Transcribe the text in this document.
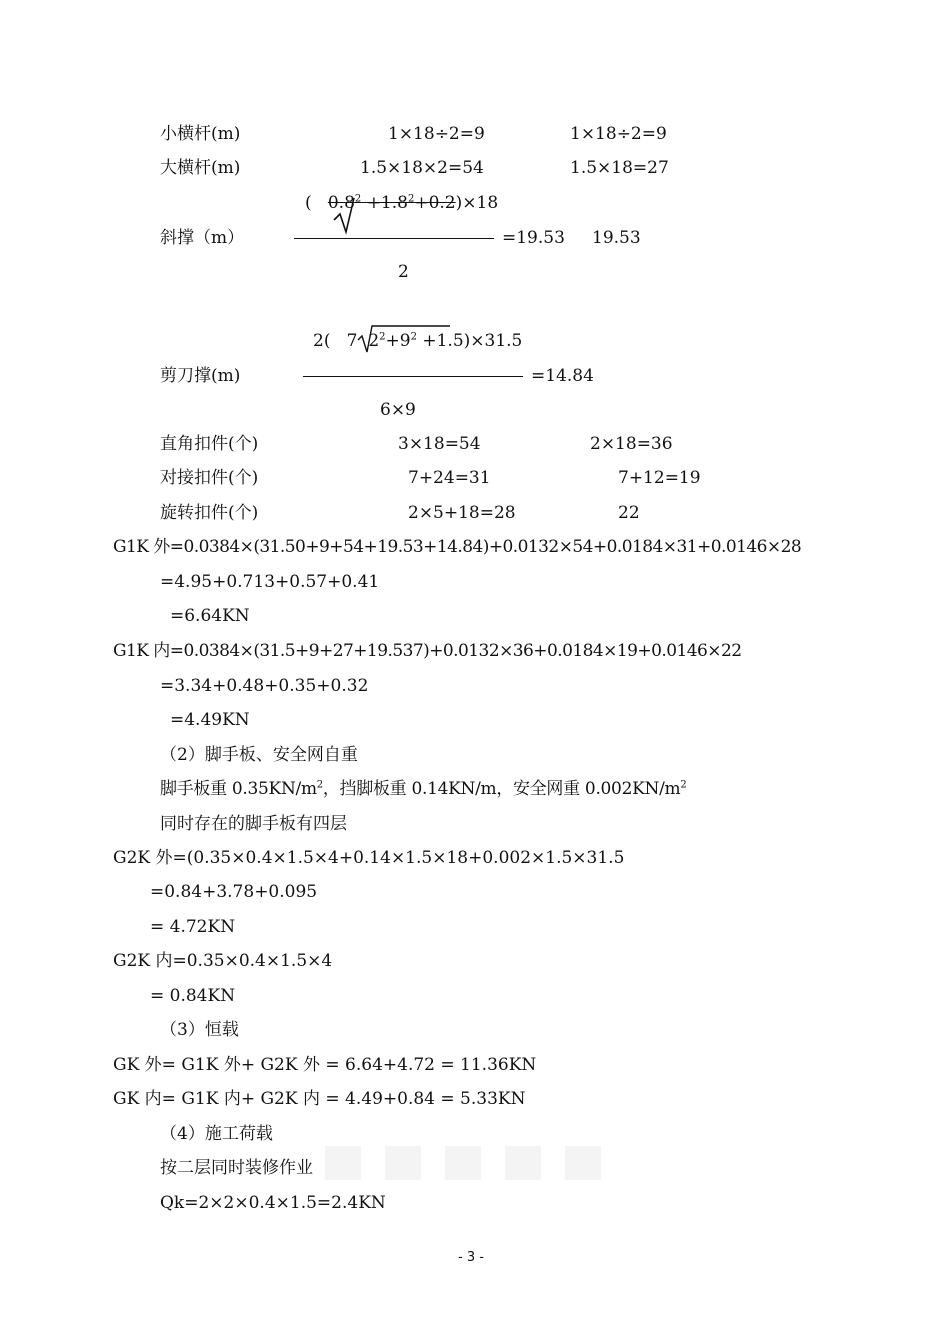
小横杆(m)	1×18÷2=9	1×18÷2=9
大横杆(m)	1.5×18×2=54	1.5×18=27
( $0.8^2 +1.8^2+0.2)\times 18$
斜撑（m）	=19.53 19.53
2
2( 7 $2^2+9^2 +1.5)\times 31.5$
剪刀撑(m)	=14.84
6×9
直角扣件(个)	3×18=54	2×18=36
对接扣件(个)	7+24=31	7+12=19
旋转扣件(个)	2×5+18=28	22
G1K 外=0.0384×(31.50+9+54+19.53+14.84)+0.0132×54+0.0184×31+0.0146×28
=4.95+0.713+0.57+0.41
=6.64KN
G1K 内=0.0384×(31.5+9+27+19.537)+0.0132×36+0.0184×19+0.0146×22
=3.34+0.48+0.35+0.32
=4.49KN
（2）脚手板、安全网自重
脚手板重 $0.35KN/m^2$，挡脚板重 0.14KN/m，安全网重 $0.002KN/m^2$
同时存在的脚手板有四层
G2K 外=(0.35×0.4×1.5×4+0.14×1.5×18+0.002×1.5×31.5
=0.84+3.78+0.095
= 4.72KN
G2K 内=0.35×0.4×1.5×4
= 0.84KN
（3）恒载
GK 外= G1K 外+ G2K 外 = 6.64+4.72 = 11.36KN
GK 内= G1K 内+ G2K 内 = 4.49+0.84 = 5.33KN
（4）施工荷载
按二层同时装修作业
Qk=2×2×0.4×1.5=2.4KN
- 3 -
